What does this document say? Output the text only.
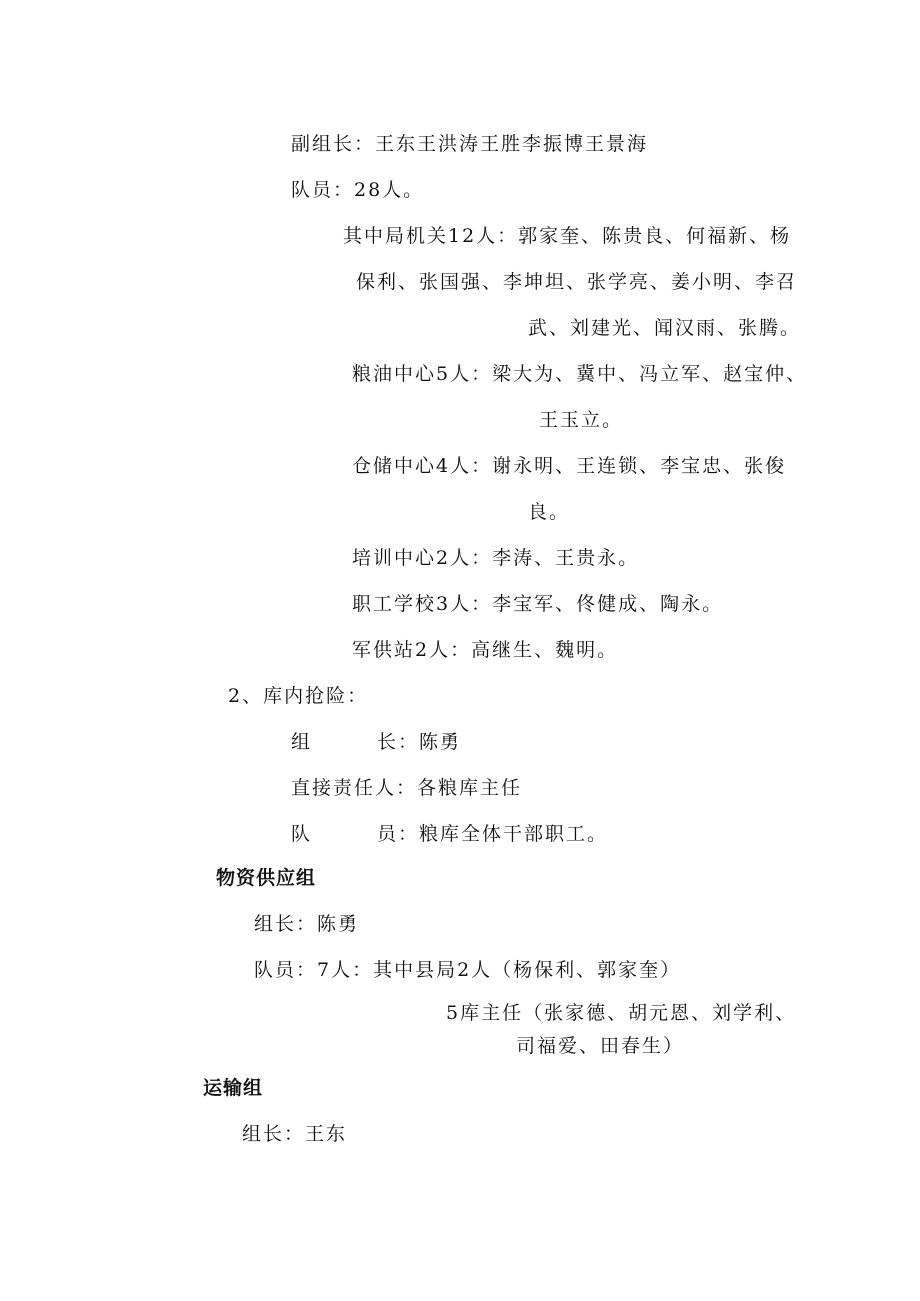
副组长：王东王洪涛王胜李振博王景海
队员：28人。
其中局机关12人：郭家奎、陈贵良、何福新、杨
保利、张国强、李坤坦、张学亮、姜小明、李召
武、刘建光、闻汉雨、张腾。
粮油中心5人：梁大为、冀中、冯立军、赵宝仲、
王玉立。
仓储中心4人：谢永明、王连锁、李宝忠、张俊
良。
培训中心2人：李涛、王贵永。
职工学校3人：李宝军、佟健成、陶永。
军供站2人：高继生、魏明。
2、库内抢险：
组	长：陈勇
直接责任人：各粮库主任
队	员：粮库全体干部职工。
物资供应组
组长：陈勇
队员：7人：其中县局2人（杨保利、郭家奎）
5库主任（张家德、胡元恩、刘学利、
司福爱、田春生）
运输组
组长：王东
